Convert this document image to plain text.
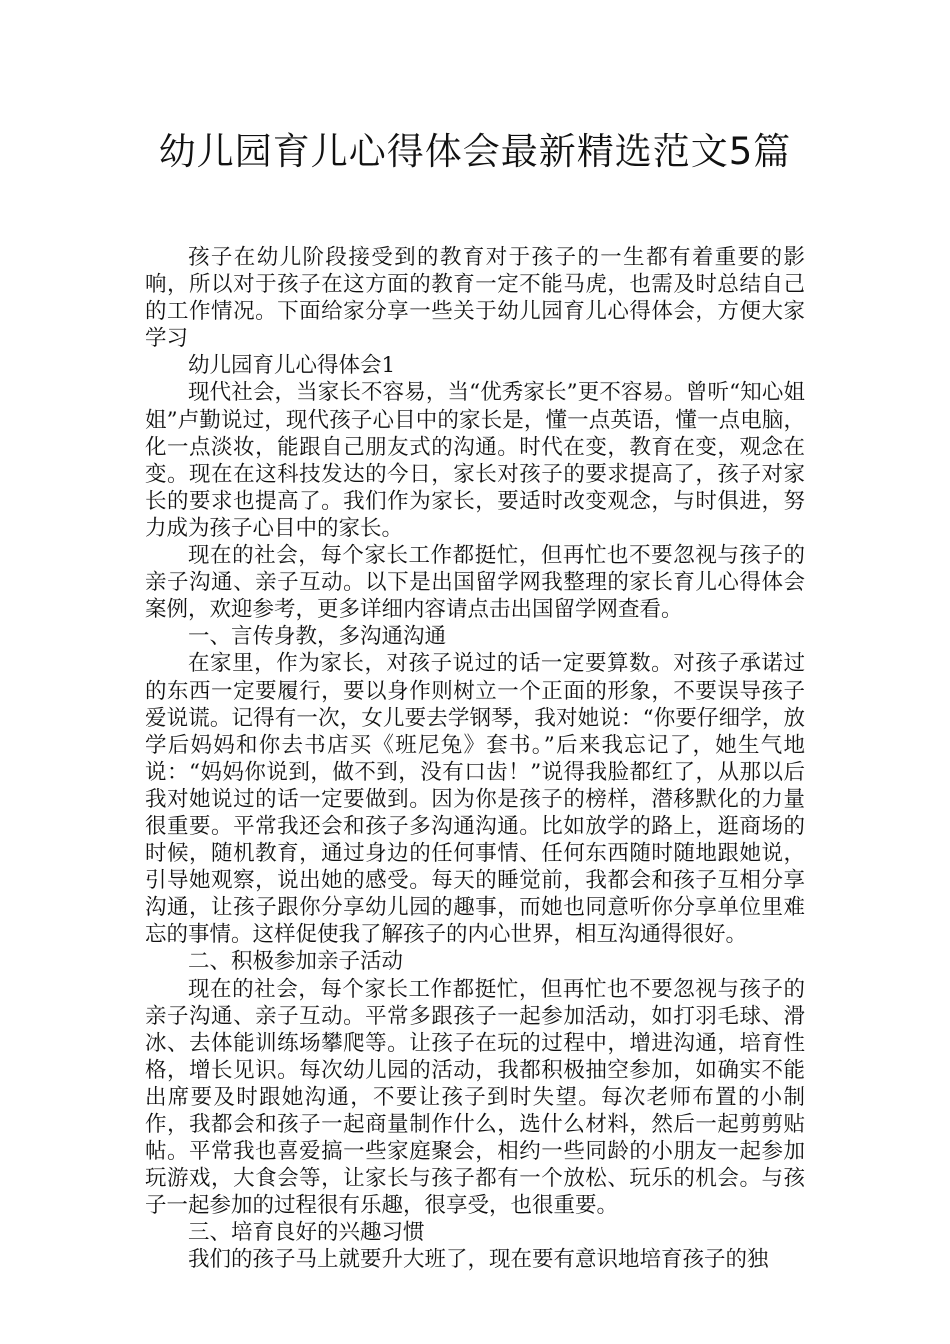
幼儿园育儿心得体会最新精选范文5篇

孩子在幼儿阶段接受到的教育对于孩子的一生都有着重要的影响，所以对于孩子在这方面的教育一定不能马虎，也需及时总结自己的工作情况。下面给家分享一些关于幼儿园育儿心得体会，方便大家学习

幼儿园育儿心得体会1

现代社会，当家长不容易，当“优秀家长”更不容易。曾听“知心姐姐”卢勤说过，现代孩子心目中的家长是，懂一点英语，懂一点电脑，化一点淡妆，能跟自己朋友式的沟通。时代在变，教育在变，观念在变。现在在这科技发达的今日，家长对孩子的要求提高了，孩子对家长的要求也提高了。我们作为家长，要适时改变观念，与时俱进，努力成为孩子心目中的家长。

现在的社会，每个家长工作都挺忙，但再忙也不要忽视与孩子的亲子沟通、亲子互动。以下是出国留学网我整理的家长育儿心得体会案例，欢迎参考，更多详细内容请点击出国留学网查看。

一、言传身教，多沟通沟通

在家里，作为家长，对孩子说过的话一定要算数。对孩子承诺过的东西一定要履行，要以身作则树立一个正面的形象，不要误导孩子爱说谎。记得有一次，女儿要去学钢琴，我对她说：“你要仔细学，放学后妈妈和你去书店买《班尼兔》套书。”后来我忘记了，她生气地说：“妈妈你说到，做不到，没有口齿！”说得我脸都红了，从那以后我对她说过的话一定要做到。因为你是孩子的榜样，潜移默化的力量很重要。平常我还会和孩子多沟通沟通。比如放学的路上，逛商场的时候，随机教育，通过身边的任何事情、任何东西随时随地跟她说，引导她观察，说出她的感受。每天的睡觉前，我都会和孩子互相分享沟通，让孩子跟你分享幼儿园的趣事，而她也同意听你分享单位里难忘的事情。这样促使我了解孩子的内心世界，相互沟通得很好。

二、积极参加亲子活动

现在的社会，每个家长工作都挺忙，但再忙也不要忽视与孩子的亲子沟通、亲子互动。平常多跟孩子一起参加活动，如打羽毛球、滑冰、去体能训练场攀爬等。让孩子在玩的过程中，增进沟通，培育性格，增长见识。每次幼儿园的活动，我都积极抽空参加，如确实不能出席要及时跟她沟通，不要让孩子到时失望。每次老师布置的小制作，我都会和孩子一起商量制作什么，选什么材料，然后一起剪剪贴帖。平常我也喜爱搞一些家庭聚会，相约一些同龄的小朋友一起参加玩游戏，大食会等，让家长与孩子都有一个放松、玩乐的机会。与孩子一起参加的过程很有乐趣，很享受，也很重要。

三、培育良好的兴趣习惯

我们的孩子马上就要升大班了，现在要有意识地培育孩子的独
